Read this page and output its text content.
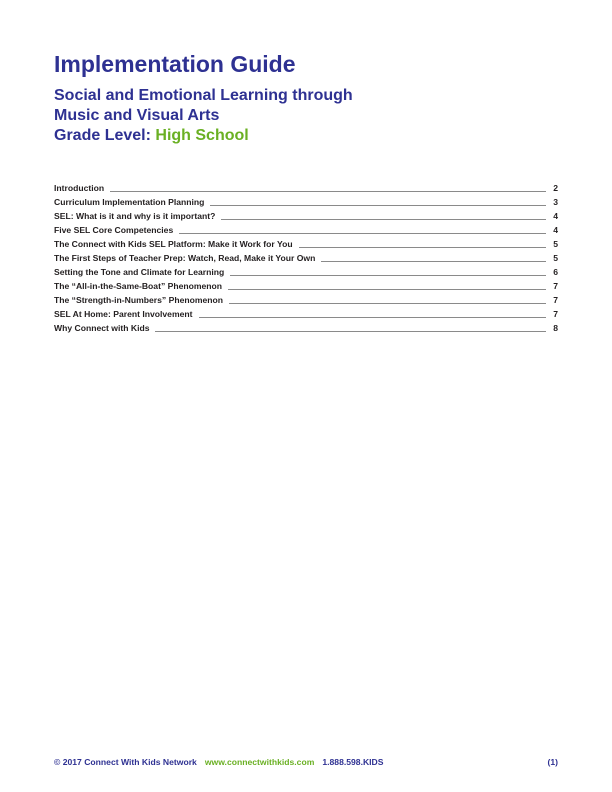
Implementation Guide
Social and Emotional Learning through
Music and Visual Arts
Grade Level: High School
Introduction	2
Curriculum Implementation Planning	3
SEL: What is it and why is it important?	4
Five SEL Core Competencies	4
The Connect with Kids SEL Platform: Make it Work for You	5
The First Steps of Teacher Prep: Watch, Read, Make it Your Own	5
Setting the Tone and Climate for Learning	6
The “All-in-the-Same-Boat” Phenomenon	7
The “Strength-in-Numbers” Phenomenon	7
SEL At Home: Parent Involvement	7
Why Connect with Kids	8
© 2017 Connect With Kids Network www.connectwithkids.com 1.888.598.KIDS	(1)
